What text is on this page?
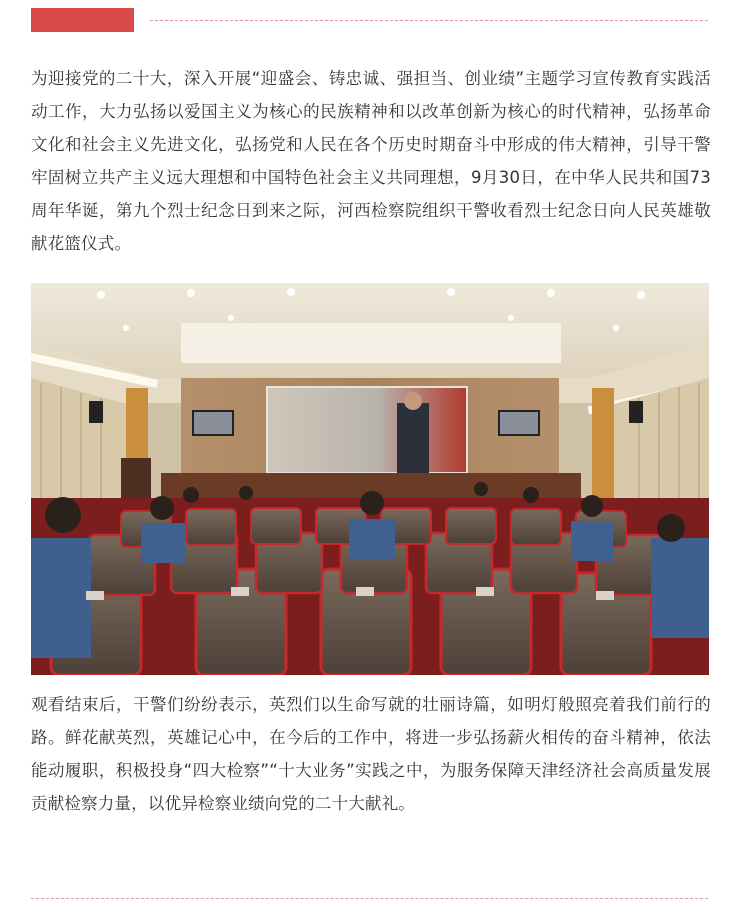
为迎接党的二十大，深入开展“迎盛会、铸忠诚、强担当、创业绩”主题学习宣传教育实践活动工作，大力弘扬以爱国主义为核心的民族精神和以改革创新为核心的时代精神，弘扬革命文化和社会主义先进文化，弘扬党和人民在各个历史时期奋斗中形成的伟大精神，引导干警牢固树立共产主义远大理想和中国特色社会主义共同理想，9月30日，在中华人民共和国73周年华诞，第九个烈士纪念日到来之际，河西检察院组织干警收看烈士纪念日向人民英雄敬献花篮仪式。

观看结束后，干警们纷纷表示，英烈们以生命写就的壮丽诗篇，如明灯般照亮着我们前行的路。鲜花献英烈，英雄记心中，在今后的工作中，将进一步弘扬薪火相传的奋斗精神，依法能动履职，积极投身“四大检察”“十大业务”实践之中，为服务保障天津经济社会高质量发展贡献检察力量，以优异检察业绩向党的二十大献礼。
